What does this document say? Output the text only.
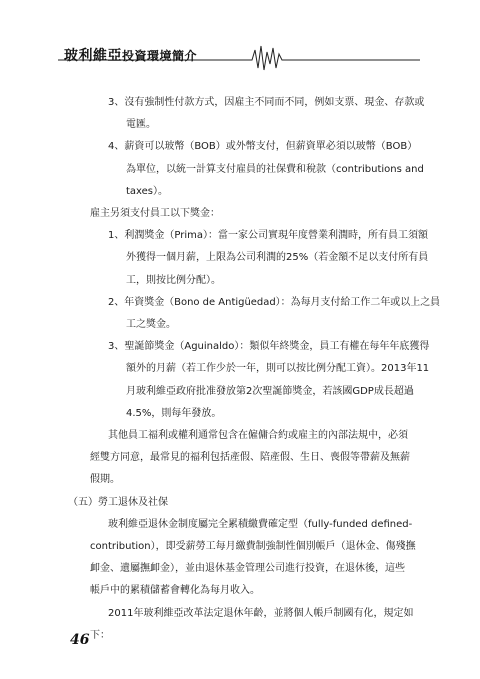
玻利維亞投資環境簡介
3、沒有強制性付款方式，因雇主不同而不同，例如支票、現金、存款或
電匯。
4、薪資可以玻幣（BOB）或外幣支付，但薪資單必須以玻幣（BOB）
為單位，以統一計算支付雇員的社保費和稅款（contributions and
taxes）。
雇主另須支付員工以下獎金：
1、利潤獎金（Prima）：當一家公司實現年度營業利潤時，所有員工須額
外獲得一個月薪，上限為公司利潤的25%（若金額不足以支付所有員
工，則按比例分配）。
2、年資獎金（Bono de Antigüedad）：為每月支付給工作二年或以上之員
工之獎金。
3、聖誕節獎金（Aguinaldo）：類似年終獎金，員工有權在每年年底獲得
額外的月薪（若工作少於一年，則可以按比例分配工資）。2013年11
月玻利維亞政府批准發放第2次聖誕節獎金，若該國GDP成長超過
4.5%，則每年發放。
其他員工福利或權利通常包含在僱傭合約或雇主的內部法規中，必須
經雙方同意，最常見的福利包括產假、陪產假、生日、喪假等帶薪及無薪
假期。
（五）勞工退休及社保
玻利維亞退休金制度屬完全累積繳費確定型（fully-funded defined-
contribution），即受薪勞工每月繳費制強制性個別帳戶（退休金、傷殘撫
卹金、遺屬撫卹金），並由退休基金管理公司進行投資，在退休後，這些
帳戶中的累積儲蓄會轉化為每月收入。
2011年玻利維亞改革法定退休年齡，並將個人帳戶制國有化，規定如
下：
46
